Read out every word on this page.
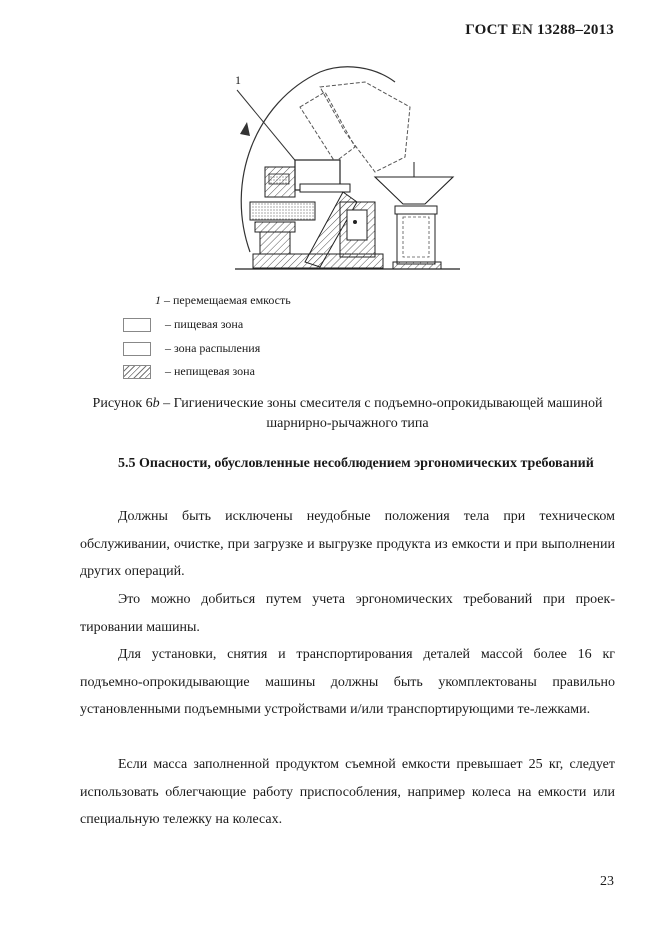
ГОСТ EN 13288–2013
1
1 – перемещаемая емкость
– пищевая зона
– зона распыления
– непищевая зона
Рисунок 6b – Гигиенические зоны смесителя с подъемно-опрокидывающей машиной шарнирно-рычажного типа
5.5 Опасности, обусловленные несоблюдением эргономических требований
Должны быть исключены неудобные положения тела при техническом обслуживании, очистке, при загрузке и выгрузке продукта из емкости и при выполнении других операций.
Это можно добиться путем учета эргономических требований при проек-тировании машины.
Для установки, снятия и транспортирования деталей массой более 16 кг подъемно-опрокидывающие машины должны быть укомплектованы правильно установленными подъемными устройствами и/или транспортирующими те-лежками.
Если масса заполненной продуктом съемной емкости превышает 25 кг, следует использовать облегчающие работу приспособления, например колеса на емкости или специальную тележку на колесах.
23
